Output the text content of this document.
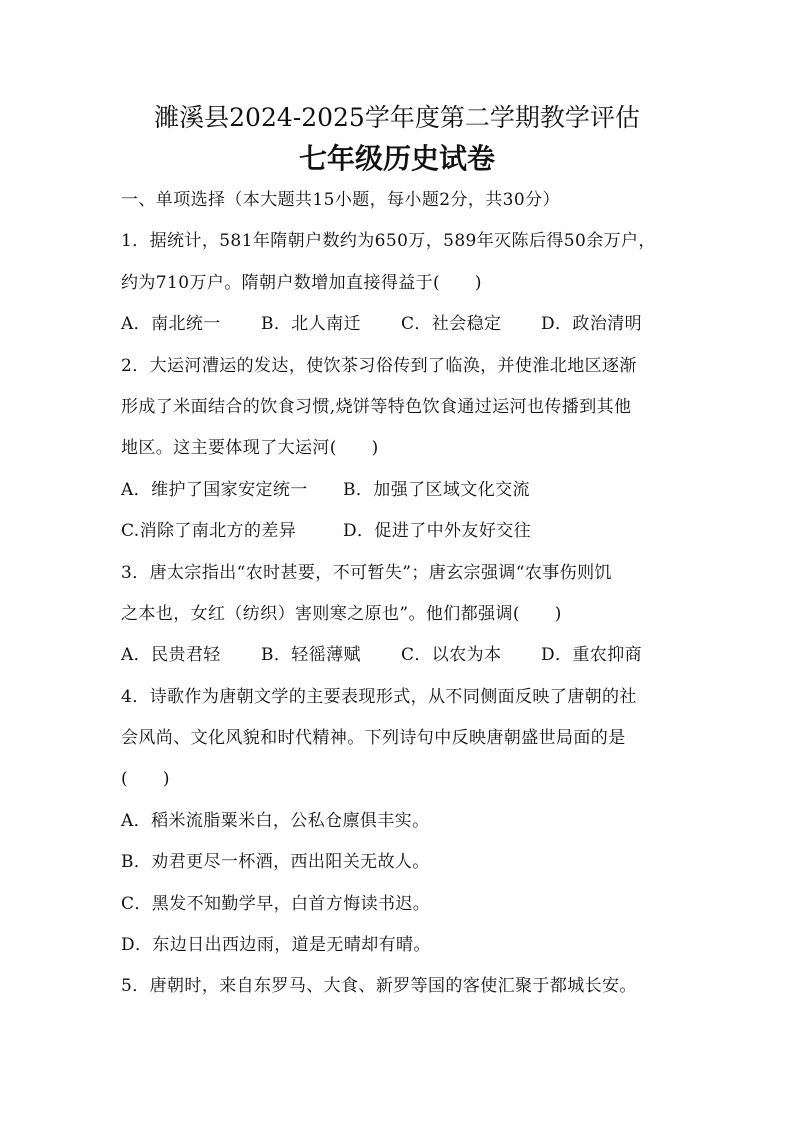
濉溪县2024-2025学年度第二学期教学评估
七年级历史试卷
一、单项选择（本大题共15小题，每小题2分，共30分）
1．据统计，581年隋朝户数约为650万，589年灭陈后得50余万户，
约为710万户。隋朝户数增加直接得益于(　　)
A．南北统一	B．北人南迁	C．社会稳定	D．政治清明
2．大运河漕运的发达，使饮茶习俗传到了临涣，并使淮北地区逐渐
形成了米面结合的饮食习惯,烧饼等特色饮食通过运河也传播到其他
地区。这主要体现了大运河(　　)
A．维护了国家安定统一	B．加强了区域文化交流
C.消除了南北方的差异	D．促进了中外友好交往
3．唐太宗指出“农时甚要，不可暂失”；唐玄宗强调“农事伤则饥
之本也，女红（纺织）害则寒之原也”。他们都强调(　　)
A．民贵君轻	B．轻徭薄赋	C．以农为本	D．重农抑商
4．诗歌作为唐朝文学的主要表现形式，从不同侧面反映了唐朝的社
会风尚、文化风貌和时代精神。下列诗句中反映唐朝盛世局面的是
(　　)
A．稻米流脂粟米白，公私仓廪俱丰实。
B．劝君更尽一杯酒，西出阳关无故人。
C．黑发不知勤学早，白首方悔读书迟。
D．东边日出西边雨，道是无晴却有晴。
5．唐朝时，来自东罗马、大食、新罗等国的客使汇聚于都城长安。
